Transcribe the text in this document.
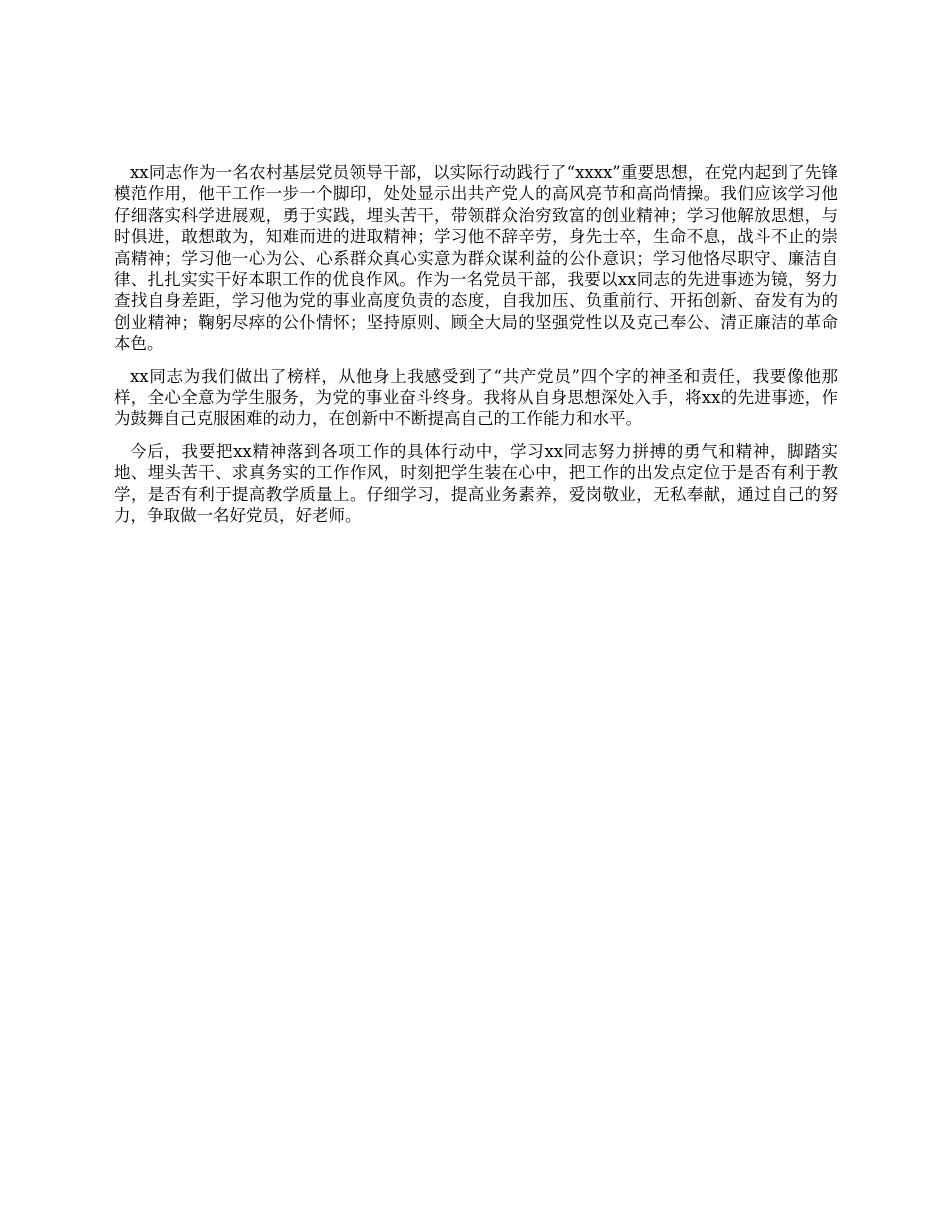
xx同志作为一名农村基层党员领导干部，以实际行动践行了“xxxx”重要思想，在党内起到了先锋模范作用，他干工作一步一个脚印，处处显示出共产党人的高风亮节和高尚情操。我们应该学习他仔细落实科学进展观，勇于实践，埋头苦干，带领群众治穷致富的创业精神；学习他解放思想，与时俱进，敢想敢为，知难而进的进取精神；学习他不辞辛劳，身先士卒，生命不息，战斗不止的崇高精神；学习他一心为公、心系群众真心实意为群众谋利益的公仆意识；学习他恪尽职守、廉洁自律、扎扎实实干好本职工作的优良作风。作为一名党员干部，我要以xx同志的先进事迹为镜，努力查找自身差距，学习他为党的事业高度负责的态度，自我加压、负重前行、开拓创新、奋发有为的创业精神；鞠躬尽瘁的公仆情怀；坚持原则、顾全大局的坚强党性以及克己奉公、清正廉洁的革命本色。

xx同志为我们做出了榜样，从他身上我感受到了“共产党员”四个字的神圣和责任，我要像他那样，全心全意为学生服务，为党的事业奋斗终身。我将从自身思想深处入手，将xx的先进事迹，作为鼓舞自己克服困难的动力，在创新中不断提高自己的工作能力和水平。

今后，我要把xx精神落到各项工作的具体行动中，学习xx同志努力拼搏的勇气和精神，脚踏实地、埋头苦干、求真务实的工作作风，时刻把学生装在心中，把工作的出发点定位于是否有利于教学，是否有利于提高教学质量上。仔细学习，提高业务素养，爱岗敬业，无私奉献，通过自己的努力，争取做一名好党员，好老师。
